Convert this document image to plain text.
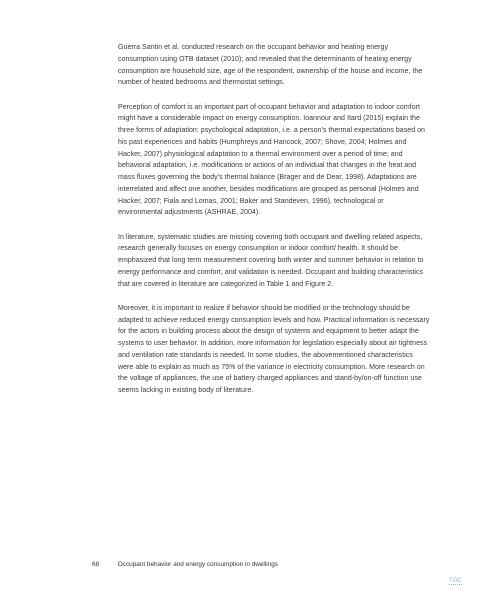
Guerra Santin et al. conducted research on the occupant behavior and heating energy consumption using OTB dataset (2010); and revealed that the determinants of heating energy consumption are household size, age of the respondent, ownership of the house and income, the number of heated bedrooms and thermostat settings.

Perception of comfort is an important part of occupant behavior and adaptation to indoor comfort might have a considerable impact on energy consumption. Ioannour and Itard (2015) explain the three forms of adaptation: psychological adaptation, i.e. a person’s thermal expectations based on his past experiences and habits (Humphreys and Hancock, 2007; Shove, 2004; Holmes and Hacker, 2007) physiological adaptation to a thermal environment over a period of time; and behavioral adaptation, i.e. modifications or actions of an individual that changes in the heat and mass fluxes governing the body’s thermal balance (Brager and de Dear, 1998). Adaptations are interrelated and affect one another, besides modifications are grouped as personal (Holmes and Hacker, 2007; Fiala and Lomas, 2001; Baker and Standeven, 1996), technological or environmental adjustments (ASHRAE, 2004).

In literature, systematic studies are missing covering both occupant and dwelling related aspects, research generally focuses on energy consumption or indoor comfort/ health. It should be emphasized that long term measurement covering both winter and summer behavior in relation to energy performance and comfort, and validation is needed. Occupant and building characteristics that are covered in literature are categorized in Table 1 and Figure 2.

Moreover, it is important to realize if behavior should be modified or the technology should be adapted to achieve reduced energy consumption levels and how. Practical information is necessary for the actors in building process about the design of systems and equipment to better adapt the systems to user behavior. In addition, more information for legislation especially about air tightness and ventilation rate standards is needed. In some studies, the abovementioned characteristics were able to explain as much as 75% of the variance in electricity consumption. More research on the voltage of appliances, the use of battery charged appliances and stand-by/on-off function use seems lacking in existing body of literature.

68	Occupant behavior and energy consumption in dwellings
TOC
